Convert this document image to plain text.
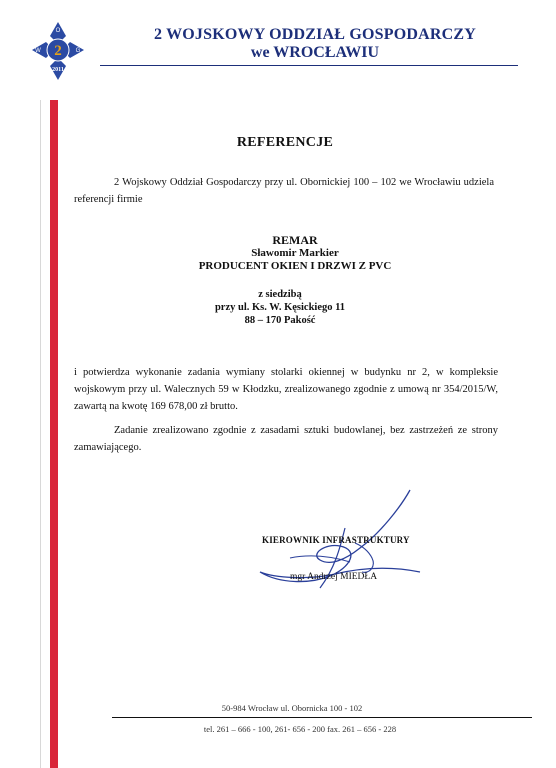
2
O
W	G
2011
2 WOJSKOWY ODDZIAŁ GOSPODARCZY
we WROCŁAWIU
REFERENCJE
2 Wojskowy Oddział Gospodarczy przy ul. Obornickiej 100 – 102 we Wrocławiu udziela referencji firmie
REMAR
Sławomir Markier
PRODUCENT OKIEN I DRZWI Z PVC
z siedzibą
przy ul. Ks. W. Kęsickiego 11
88 – 170 Pakość
i potwierdza wykonanie zadania wymiany stolarki okiennej w budynku nr 2, w kompleksie wojskowym przy ul. Walecznych 59 w Kłodzku, zrealizowanego zgodnie z umową nr 354/2015/W, zawartą na kwotę 169 678,00 zł brutto.
Zadanie zrealizowano zgodnie z zasadami sztuki budowlanej, bez zastrzeżeń ze strony zamawiającego.
KIEROWNIK INFRASTRUKTURY
mgr Andrzej MIEDŁA
50-984 Wrocław ul. Obornicka 100 - 102
tel. 261 – 666 - 100, 261- 656 - 200 fax. 261 – 656 - 228
